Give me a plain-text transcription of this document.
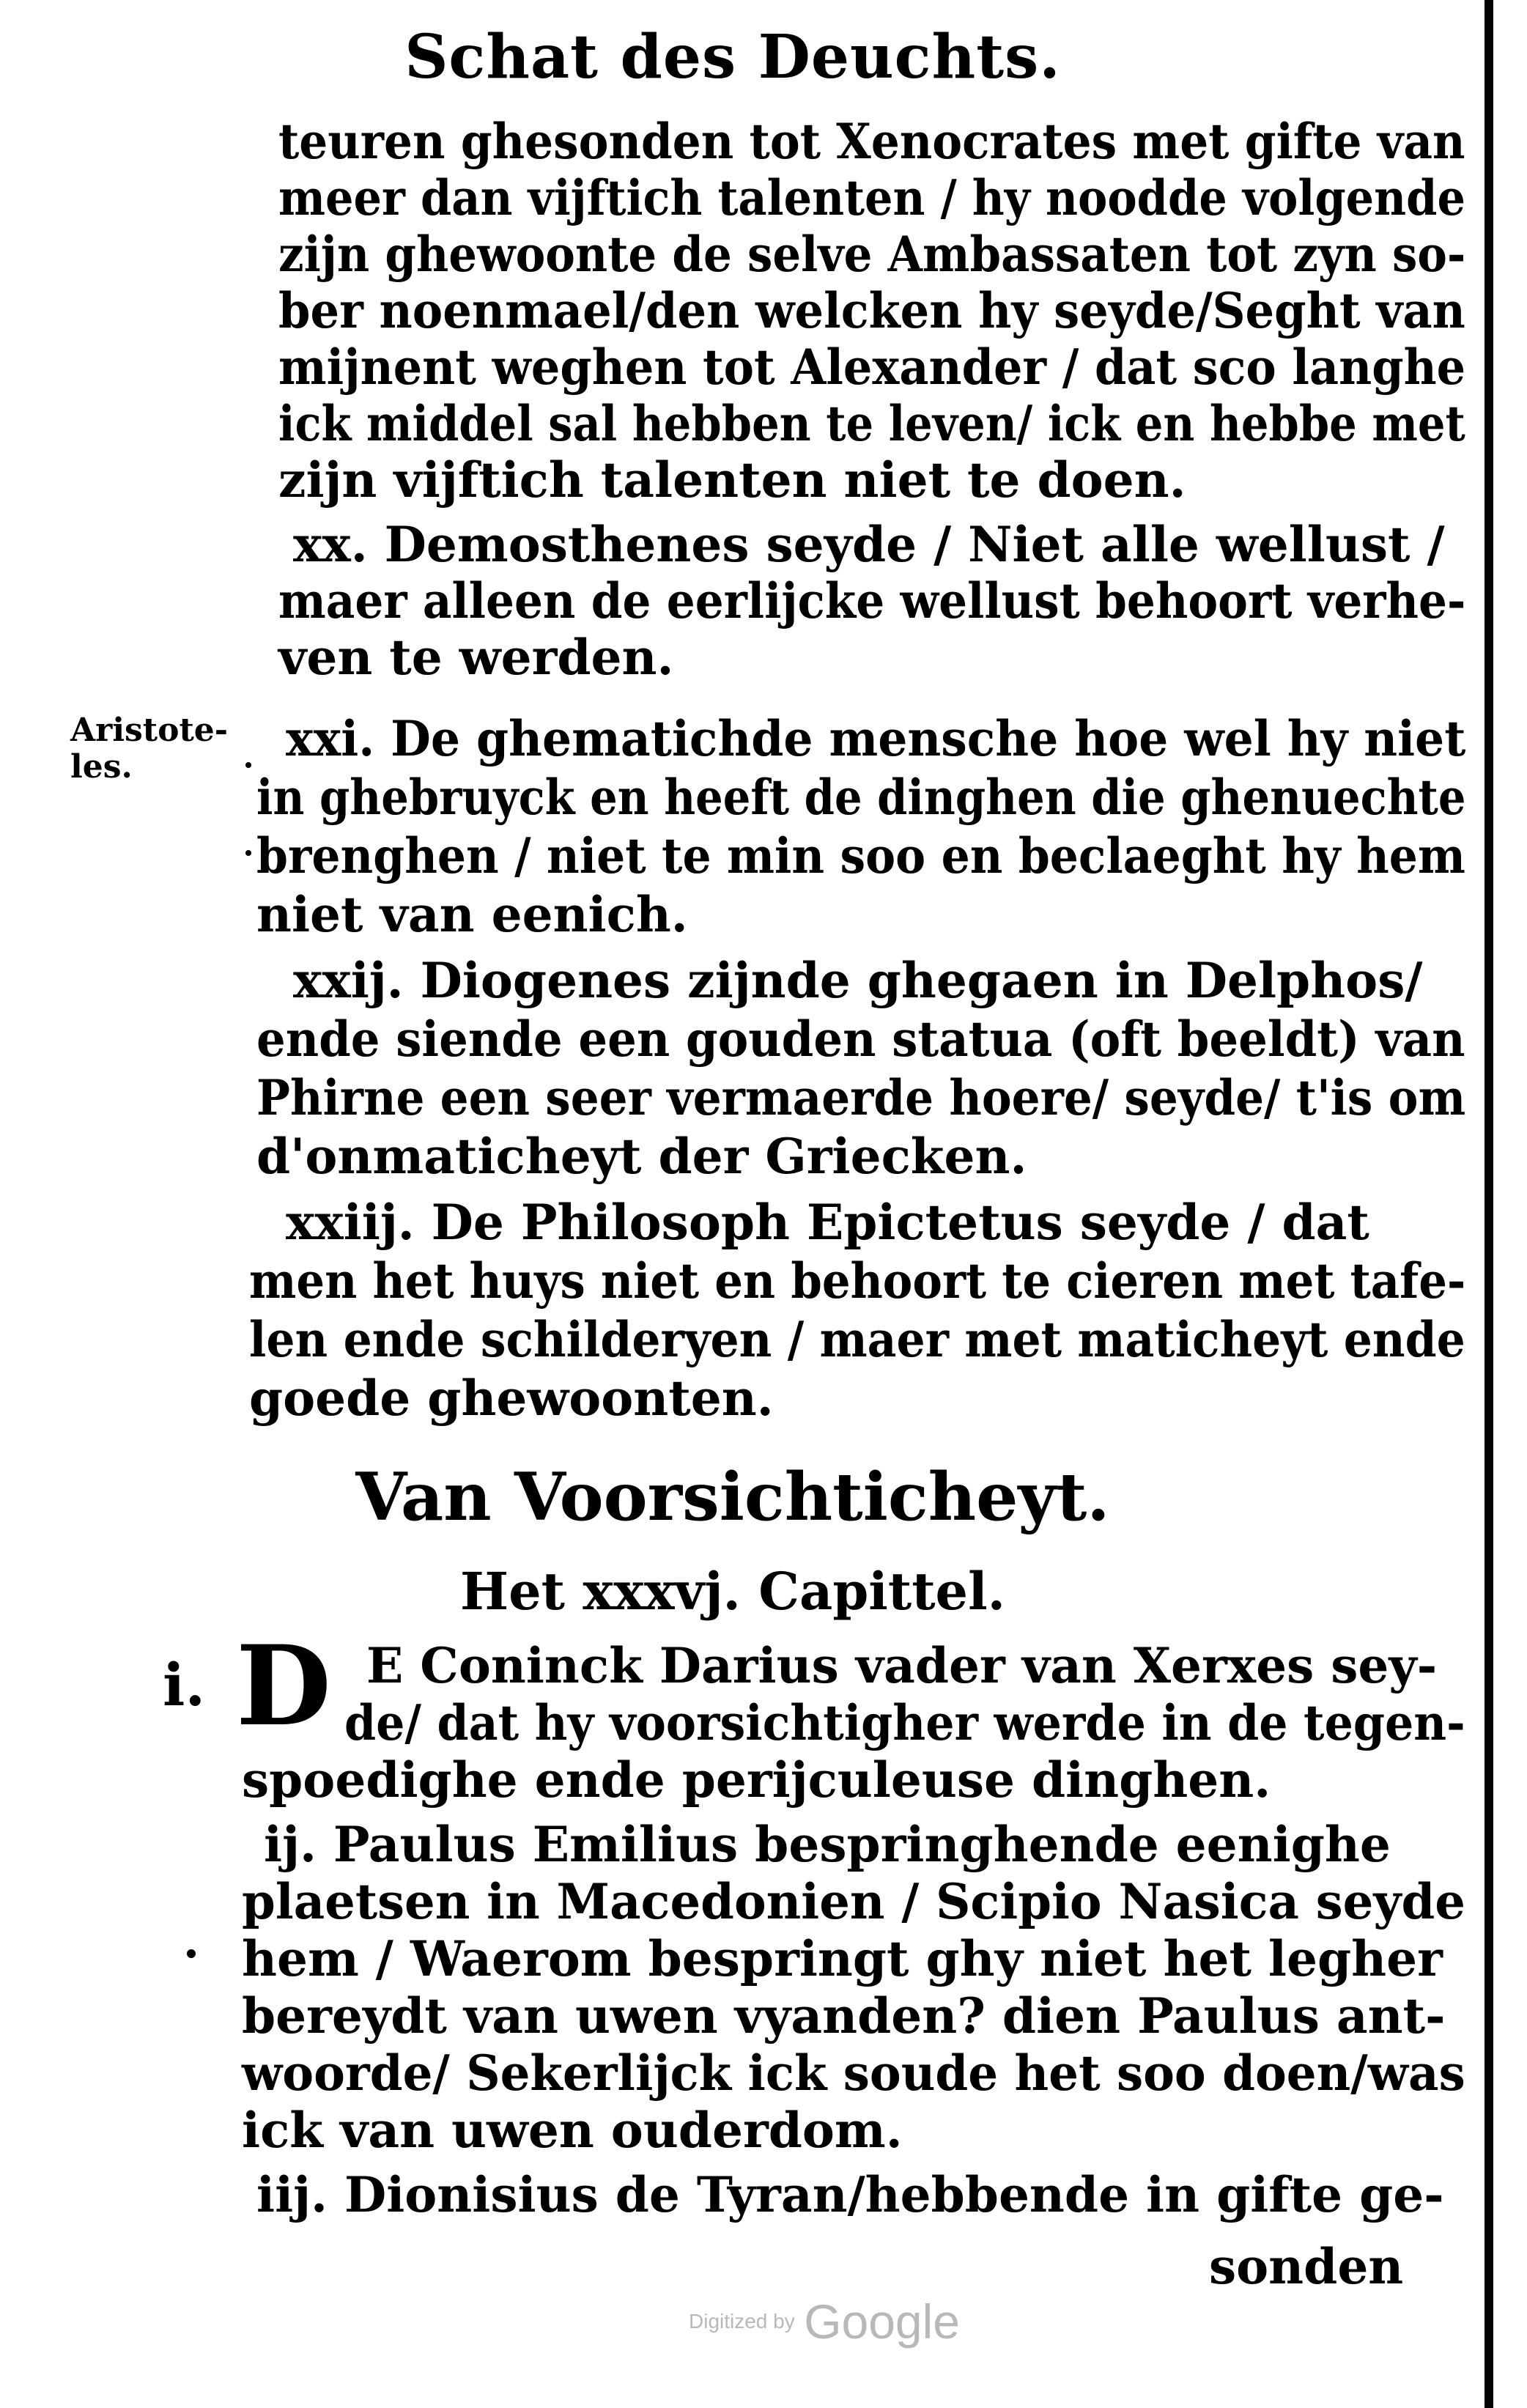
Schat des Deuchts.
teuren ghesonden tot Xenocrates met gifte van
meer dan vijftich talenten / hy noodde volgende
zijn ghewoonte de selve Ambassaten tot zyn so-
ber noenmael/den welcken hy seyde/Seght van
mijnent weghen tot Alexander / dat sco langhe
ick middel sal hebben te leven/ ick en hebbe met
zijn vijftich talenten niet te doen.
xx. Demosthenes seyde / Niet alle wellust /
maer alleen de eerlijcke wellust behoort verhe-
ven te werden.
Aristote-
les.	xxi. De ghematichde mensche hoe wel hy niet
in ghebruyck en heeft de dinghen die ghenuechte
brenghen / niet te min soo en beclaeght hy hem
niet van eenich.
xxij. Diogenes zijnde ghegaen in Delphos/
ende siende een gouden statua (oft beeldt) van
Phirne een seer vermaerde hoere/ seyde/ t'is om
d'onmaticheyt der Griecken.
xxiij. De Philosoph Epictetus seyde / dat
men het huys niet en behoort te cieren met tafe-
len ende schilderyen / maer met maticheyt ende
goede ghewoonten.
Van Voorsichticheyt.
Het xxxvj. Capittel.
i. D E Coninck Darius vader van Xerxes sey-
de/ dat hy voorsichtigher werde in de tegen-
spoedighe ende perijculeuse dinghen.
ij. Paulus Emilius bespringhende eenighe
plaetsen in Macedonien / Scipio Nasica seyde
hem / Waerom bespringt ghy niet het legher
bereydt van uwen vyanden? dien Paulus ant-
woorde/ Sekerlijck ick soude het soo doen/was
ick van uwen ouderdom.
iij. Dionisius de Tyran/hebbende in gifte ge-
sonden
Digitized by Google
